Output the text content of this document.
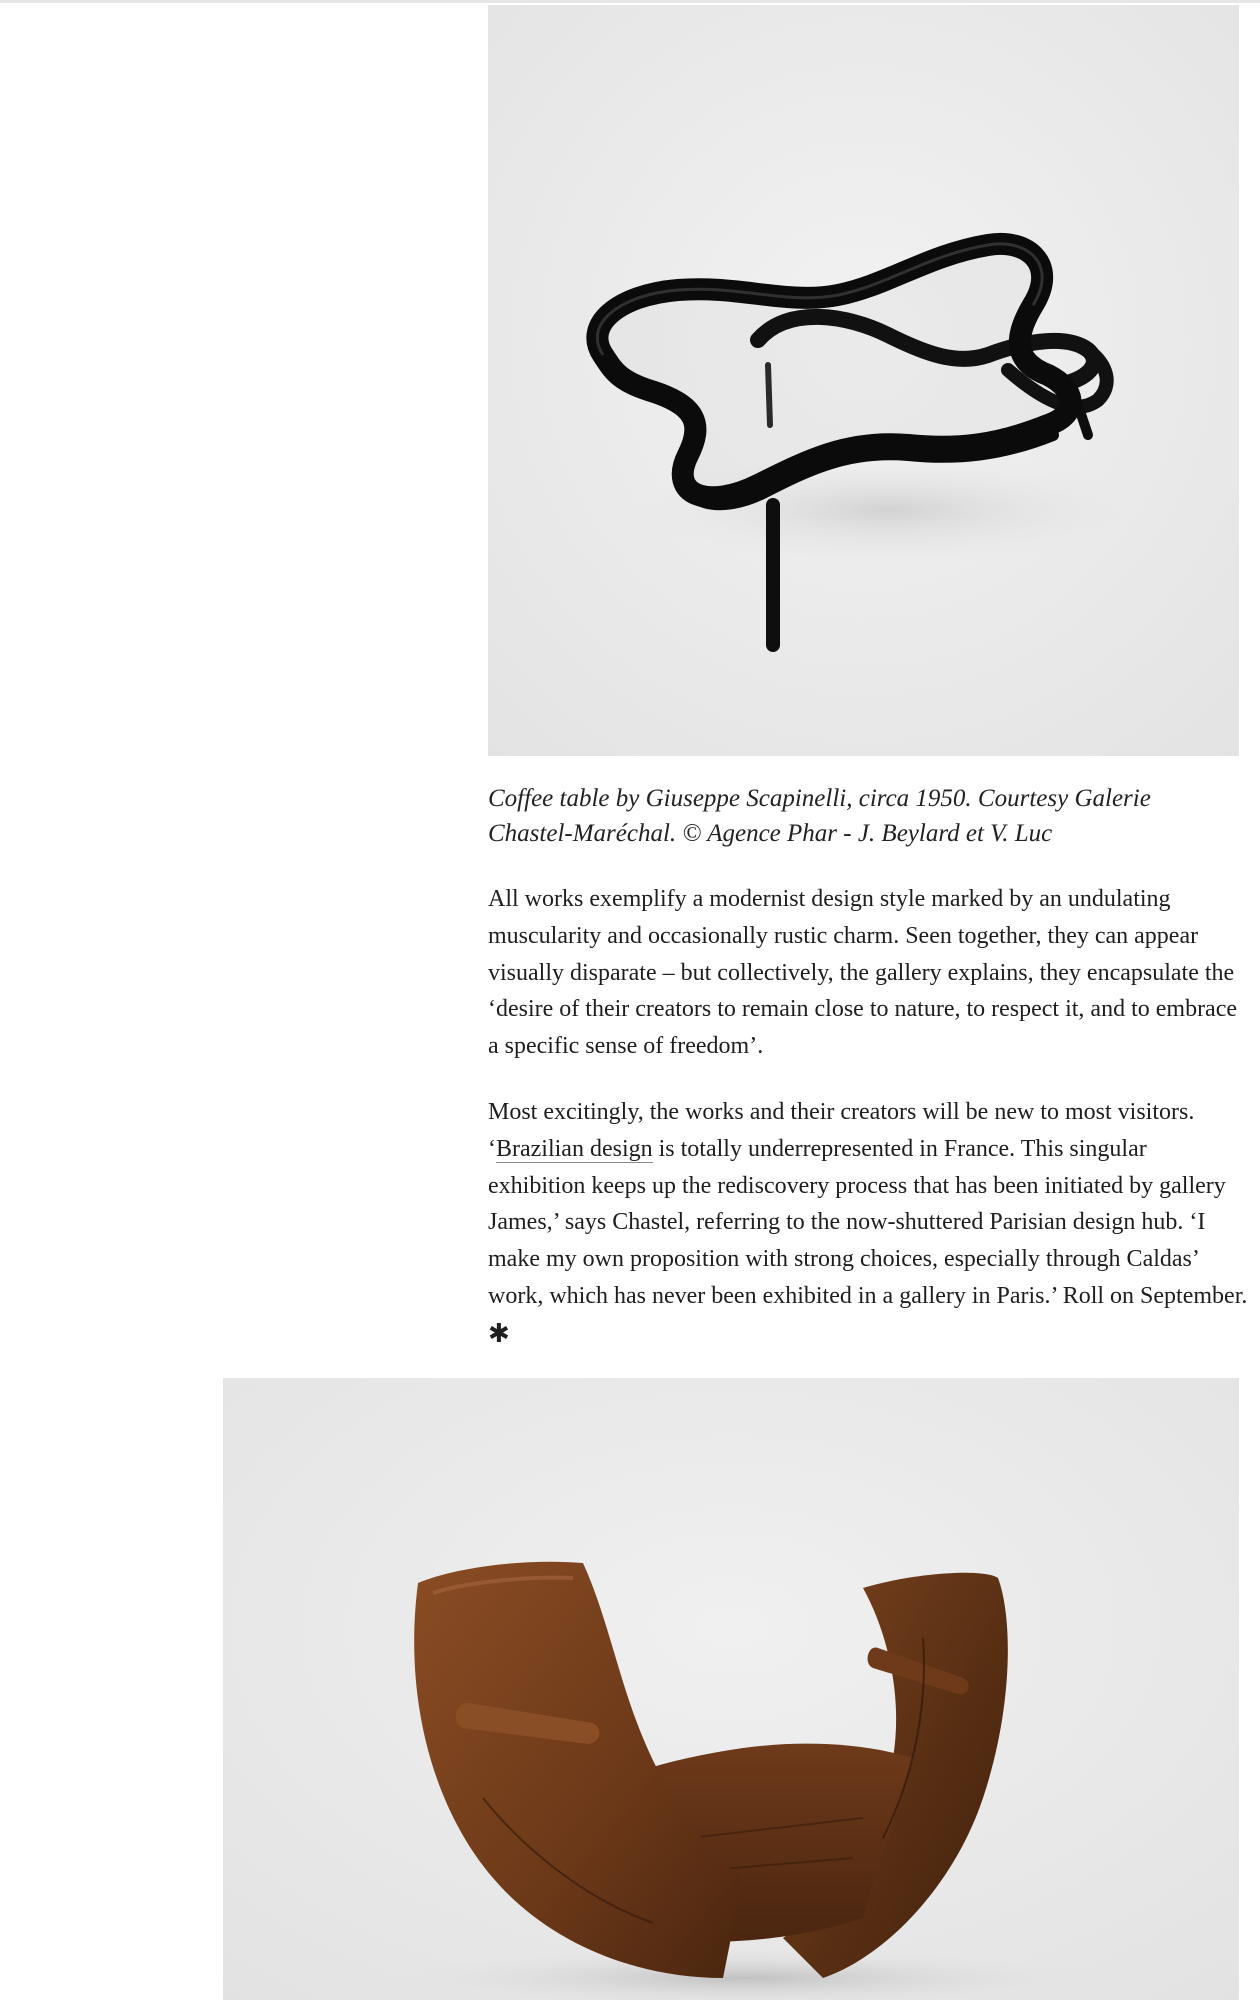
Coffee table by Giuseppe Scapinelli, circa 1950. Courtesy Galerie Chastel-Maréchal. © Agence Phar - J. Beylard et V. Luc

All works exemplify a modernist design style marked by an undulating muscularity and occasionally rustic charm. Seen together, they can appear visually disparate – but collectively, the gallery explains, they encapsulate the ‘desire of their creators to remain close to nature, to respect it, and to embrace a specific sense of freedom’.

Most excitingly, the works and their creators will be new to most visitors. ‘Brazilian design is totally underrepresented in France. This singular exhibition keeps up the rediscovery process that has been initiated by gallery James,’ says Chastel, referring to the now-shuttered Parisian design hub. ‘I make my own proposition with strong choices, especially through Caldas’ work, which has never been exhibited in a gallery in Paris.’ Roll on September.✱
